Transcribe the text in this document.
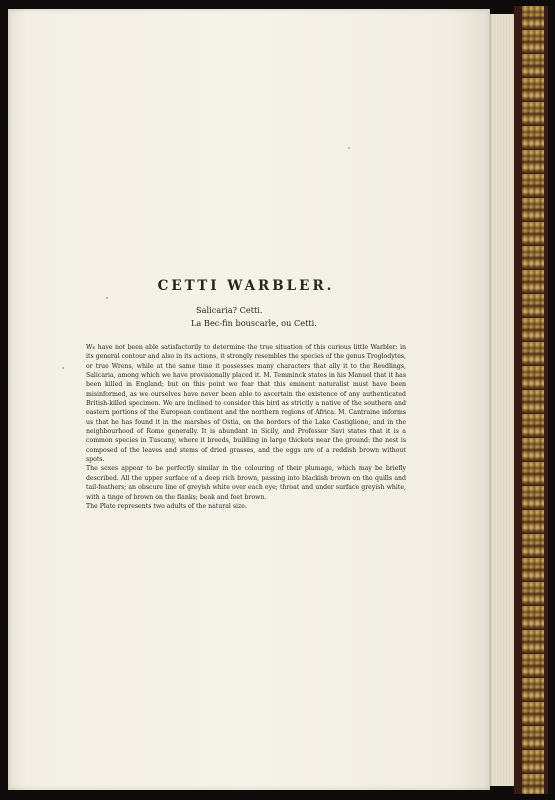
CETTI WARBLER.

Salicaria? Cetti.

La Bec-fin bouscarle, ou Cetti.

We have not been able satisfactorily to determine the true situation of this curious little Warbler: in its general contour and also in its actions, it strongly resembles the species of the genus Troglodytes, or true Wrens, while at the same time it possesses many characters that ally it to the Reedlings, Salicaria, among which we have provisionally placed it. M. Temminck states in his Manuel that it has been killed in England; but on this point we fear that this eminent naturalist must have been misinformed, as we ourselves have never been able to ascertain the existence of any authenticated British-killed specimen. We are inclined to consider this bird as strictly a native of the southern and eastern portions of the European continent and the northern regions of Africa. M. Cantraine informs us that he has found it in the marshes of Ostia, on the borders of the Lake Castiglione, and in the neighbourhood of Rome generally. It is abundant in Sicily, and Professor Savi states that it is a common species in Tuscany, where it breeds, building in large thickets near the ground: the nest is composed of the leaves and stems of dried grasses, and the eggs are of a reddish brown without spots.

The sexes appear to be perfectly similar in the colouring of their plumage, which may be briefly described. All the upper surface of a deep rich brown, passing into blackish brown on the quills and tail-feathers; an obscure line of greyish white over each eye; throat and under surface greyish white, with a tinge of brown on the flanks; beak and feet brown.

The Plate represents two adults of the natural size.
